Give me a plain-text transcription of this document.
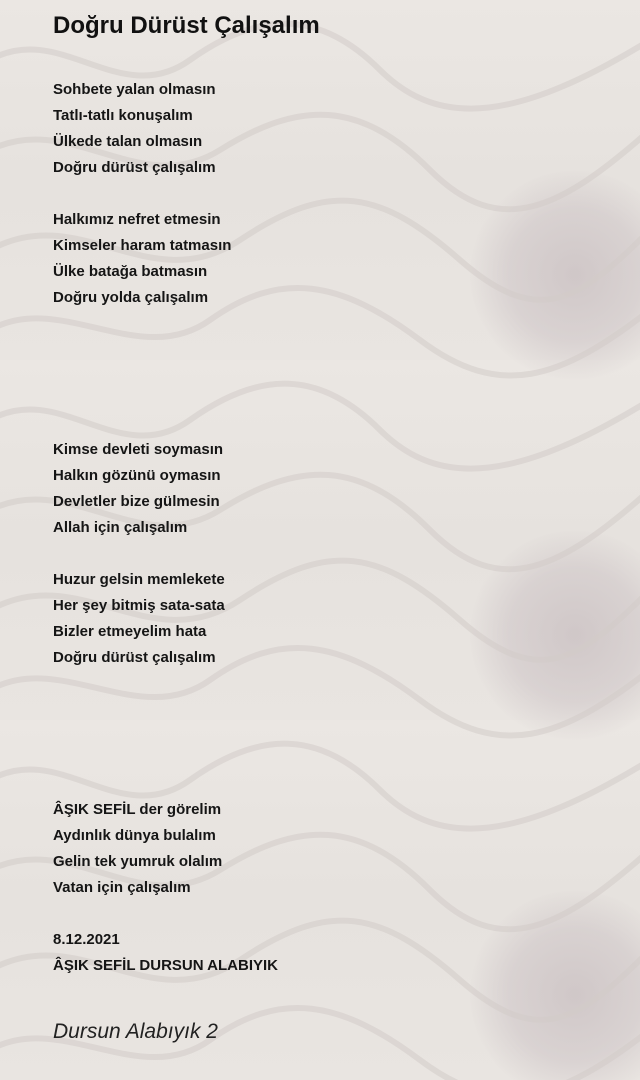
Doğru Dürüst Çalışalım
Sohbete yalan olmasın
Tatlı-tatlı konuşalım
Ülkede talan olmasın
Doğru dürüst çalışalım
Halkımız nefret etmesin
Kimseler haram tatmasın
Ülke batağa batmasın
Doğru yolda çalışalım
Kimse devleti soymasın
Halkın gözünü oymasın
Devletler bize gülmesin
Allah için çalışalım
Huzur gelsin memlekete
Her şey bitmiş sata-sata
Bizler etmeyelim hata
Doğru dürüst çalışalım
ÂŞIK SEFİL der görelim
Aydınlık dünya bulalım
Gelin tek yumruk olalım
Vatan için çalışalım
8.12.2021
ÂŞIK SEFİL DURSUN ALABIYIK
Dursun Alabıyık 2
